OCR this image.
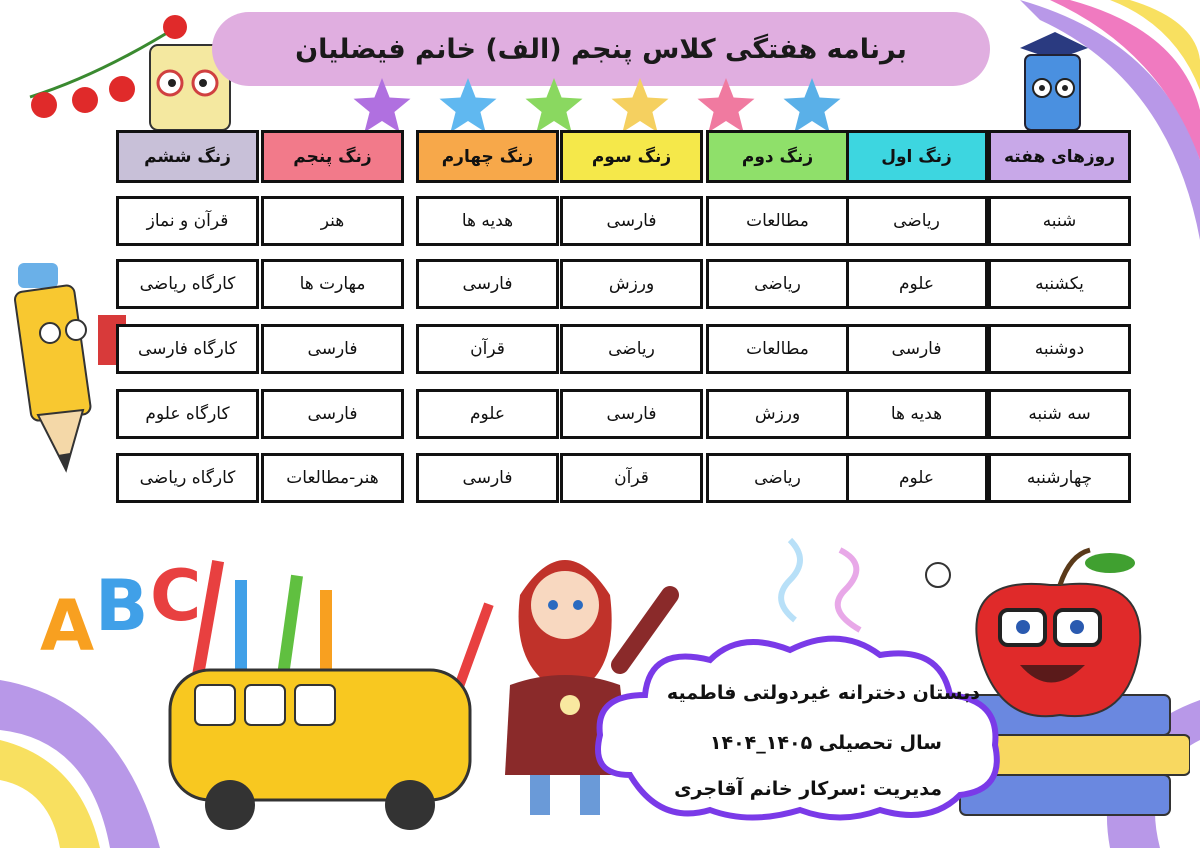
A B C
برنامه هفتگی کلاس پنجم (الف) خانم فیضلیان
روزهای هفته
زنگ اول
زنگ دوم
زنگ سوم
زنگ چهارم
زنگ پنجم
زنگ ششم
شنبه
ریاضی
مطالعات
فارسی
هدیه ها
هنر
قرآن و نماز
یکشنبه
علوم
ریاضی
ورزش
فارسی
مهارت ها
کارگاه ریاضی
دوشنبه
فارسی
مطالعات
ریاضی
قرآن
فارسی
کارگاه فارسی
سه شنبه
هدیه ها
ورزش
فارسی
علوم
فارسی
کارگاه علوم
چهارشنبه
علوم
ریاضی
قرآن
فارسی
هنر-مطالعات
کارگاه ریاضی
دبستان دخترانه غیردولتی فاطمیه
سال تحصیلی ۱۴۰۵_۱۴۰۴
مدیریت :سرکار خانم آقاجری
